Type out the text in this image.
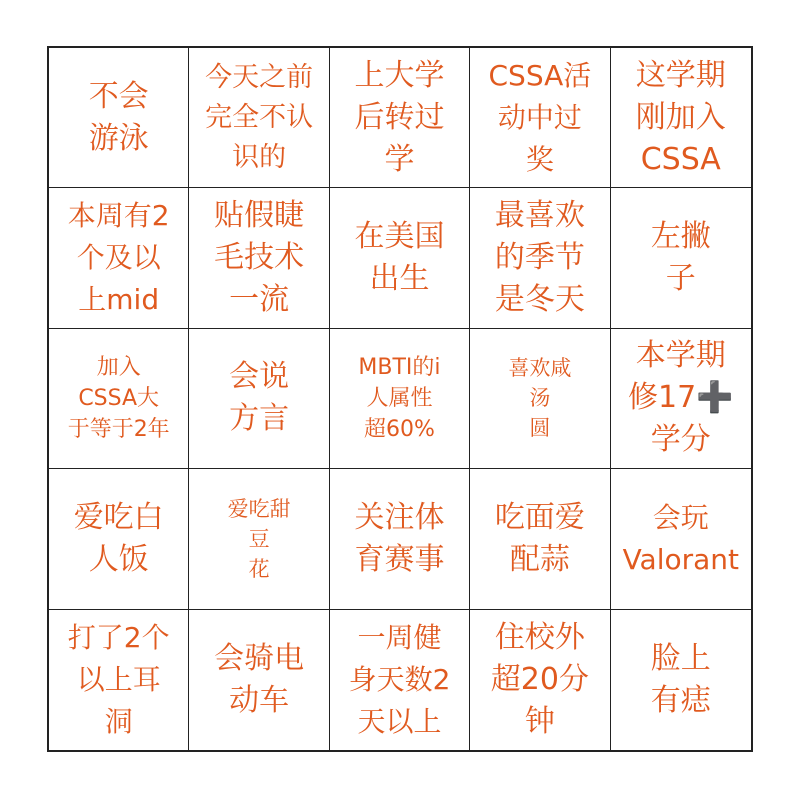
不会
游泳
今天之前
完全不认
识的
上大学
后转过
学
CSSA活
动中过
奖
这学期
刚加入
CSSA
本周有2
个及以
上mid
贴假睫
毛技术
一流
在美国
出生
最喜欢
的季节
是冬天
左撇
子
加入
CSSA大
于等于2年
会说
方言
MBTI的i
人属性
超60%
喜欢咸
汤
圆
本学期
修17➕
学分
爱吃白
人饭
爱吃甜
豆
花
关注体
育赛事
吃面爱
配蒜
会玩
Valorant
打了2个
以上耳
洞
会骑电
动车
一周健
身天数2
天以上
住校外
超20分
钟
脸上
有痣
